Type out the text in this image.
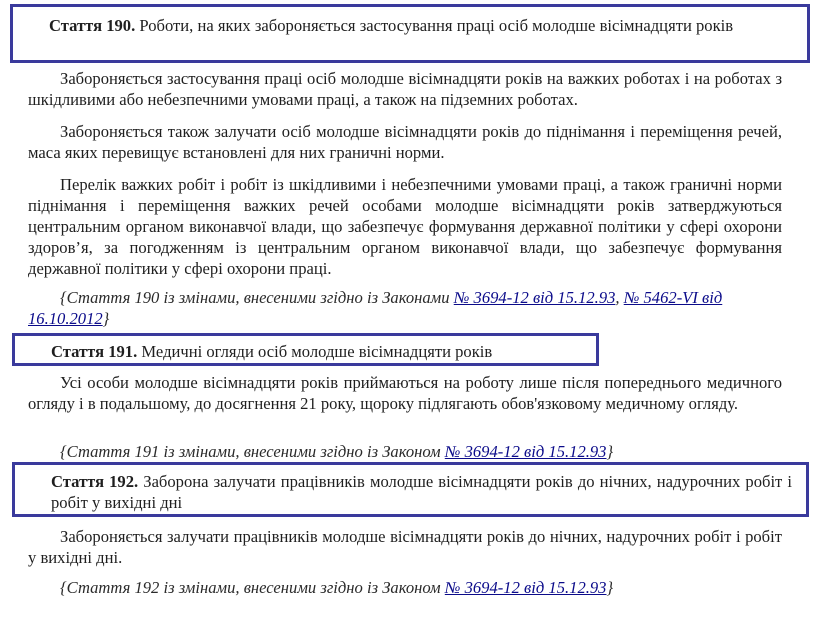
Стаття 190. Роботи, на яких забороняється застосування праці осіб молодше вісімнадцяти років
Забороняється застосування праці осіб молодше вісімнадцяти років на важких роботах і на роботах з шкідливими або небезпечними умовами праці, а також на підземних роботах.
Забороняється також залучати осіб молодше вісімнадцяти років до піднімання і переміщення речей, маса яких перевищує встановлені для них граничні норми.
Перелік важких робіт і робіт із шкідливими і небезпечними умовами праці, а також граничні норми піднімання і переміщення важких речей особами молодше вісімнадцяти років затверджуються центральним органом виконавчої влади, що забезпечує формування державної політики у сфері охорони здоров’я, за погодженням із центральним органом виконавчої влади, що забезпечує формування державної політики у сфері охорони праці.
{Стаття 190 із змінами, внесеними згідно із Законами № 3694-12 від 15.12.93, № 5462-VI від 16.10.2012}
Стаття 191. Медичні огляди осіб молодше вісімнадцяти років
Усі особи молодше вісімнадцяти років приймаються на роботу лише після попереднього медичного огляду і в подальшому, до досягнення 21 року, щороку підлягають обов'язковому медичному огляду.
{Стаття 191 із змінами, внесеними згідно із Законом № 3694-12 від 15.12.93}
Стаття 192. Заборона залучати працівників молодше вісімнадцяти років до нічних, надурочних робіт і робіт у вихідні дні
Забороняється залучати працівників молодше вісімнадцяти років до нічних, надурочних робіт і робіт у вихідні дні.
{Стаття 192 із змінами, внесеними згідно із Законом № 3694-12 від 15.12.93}
